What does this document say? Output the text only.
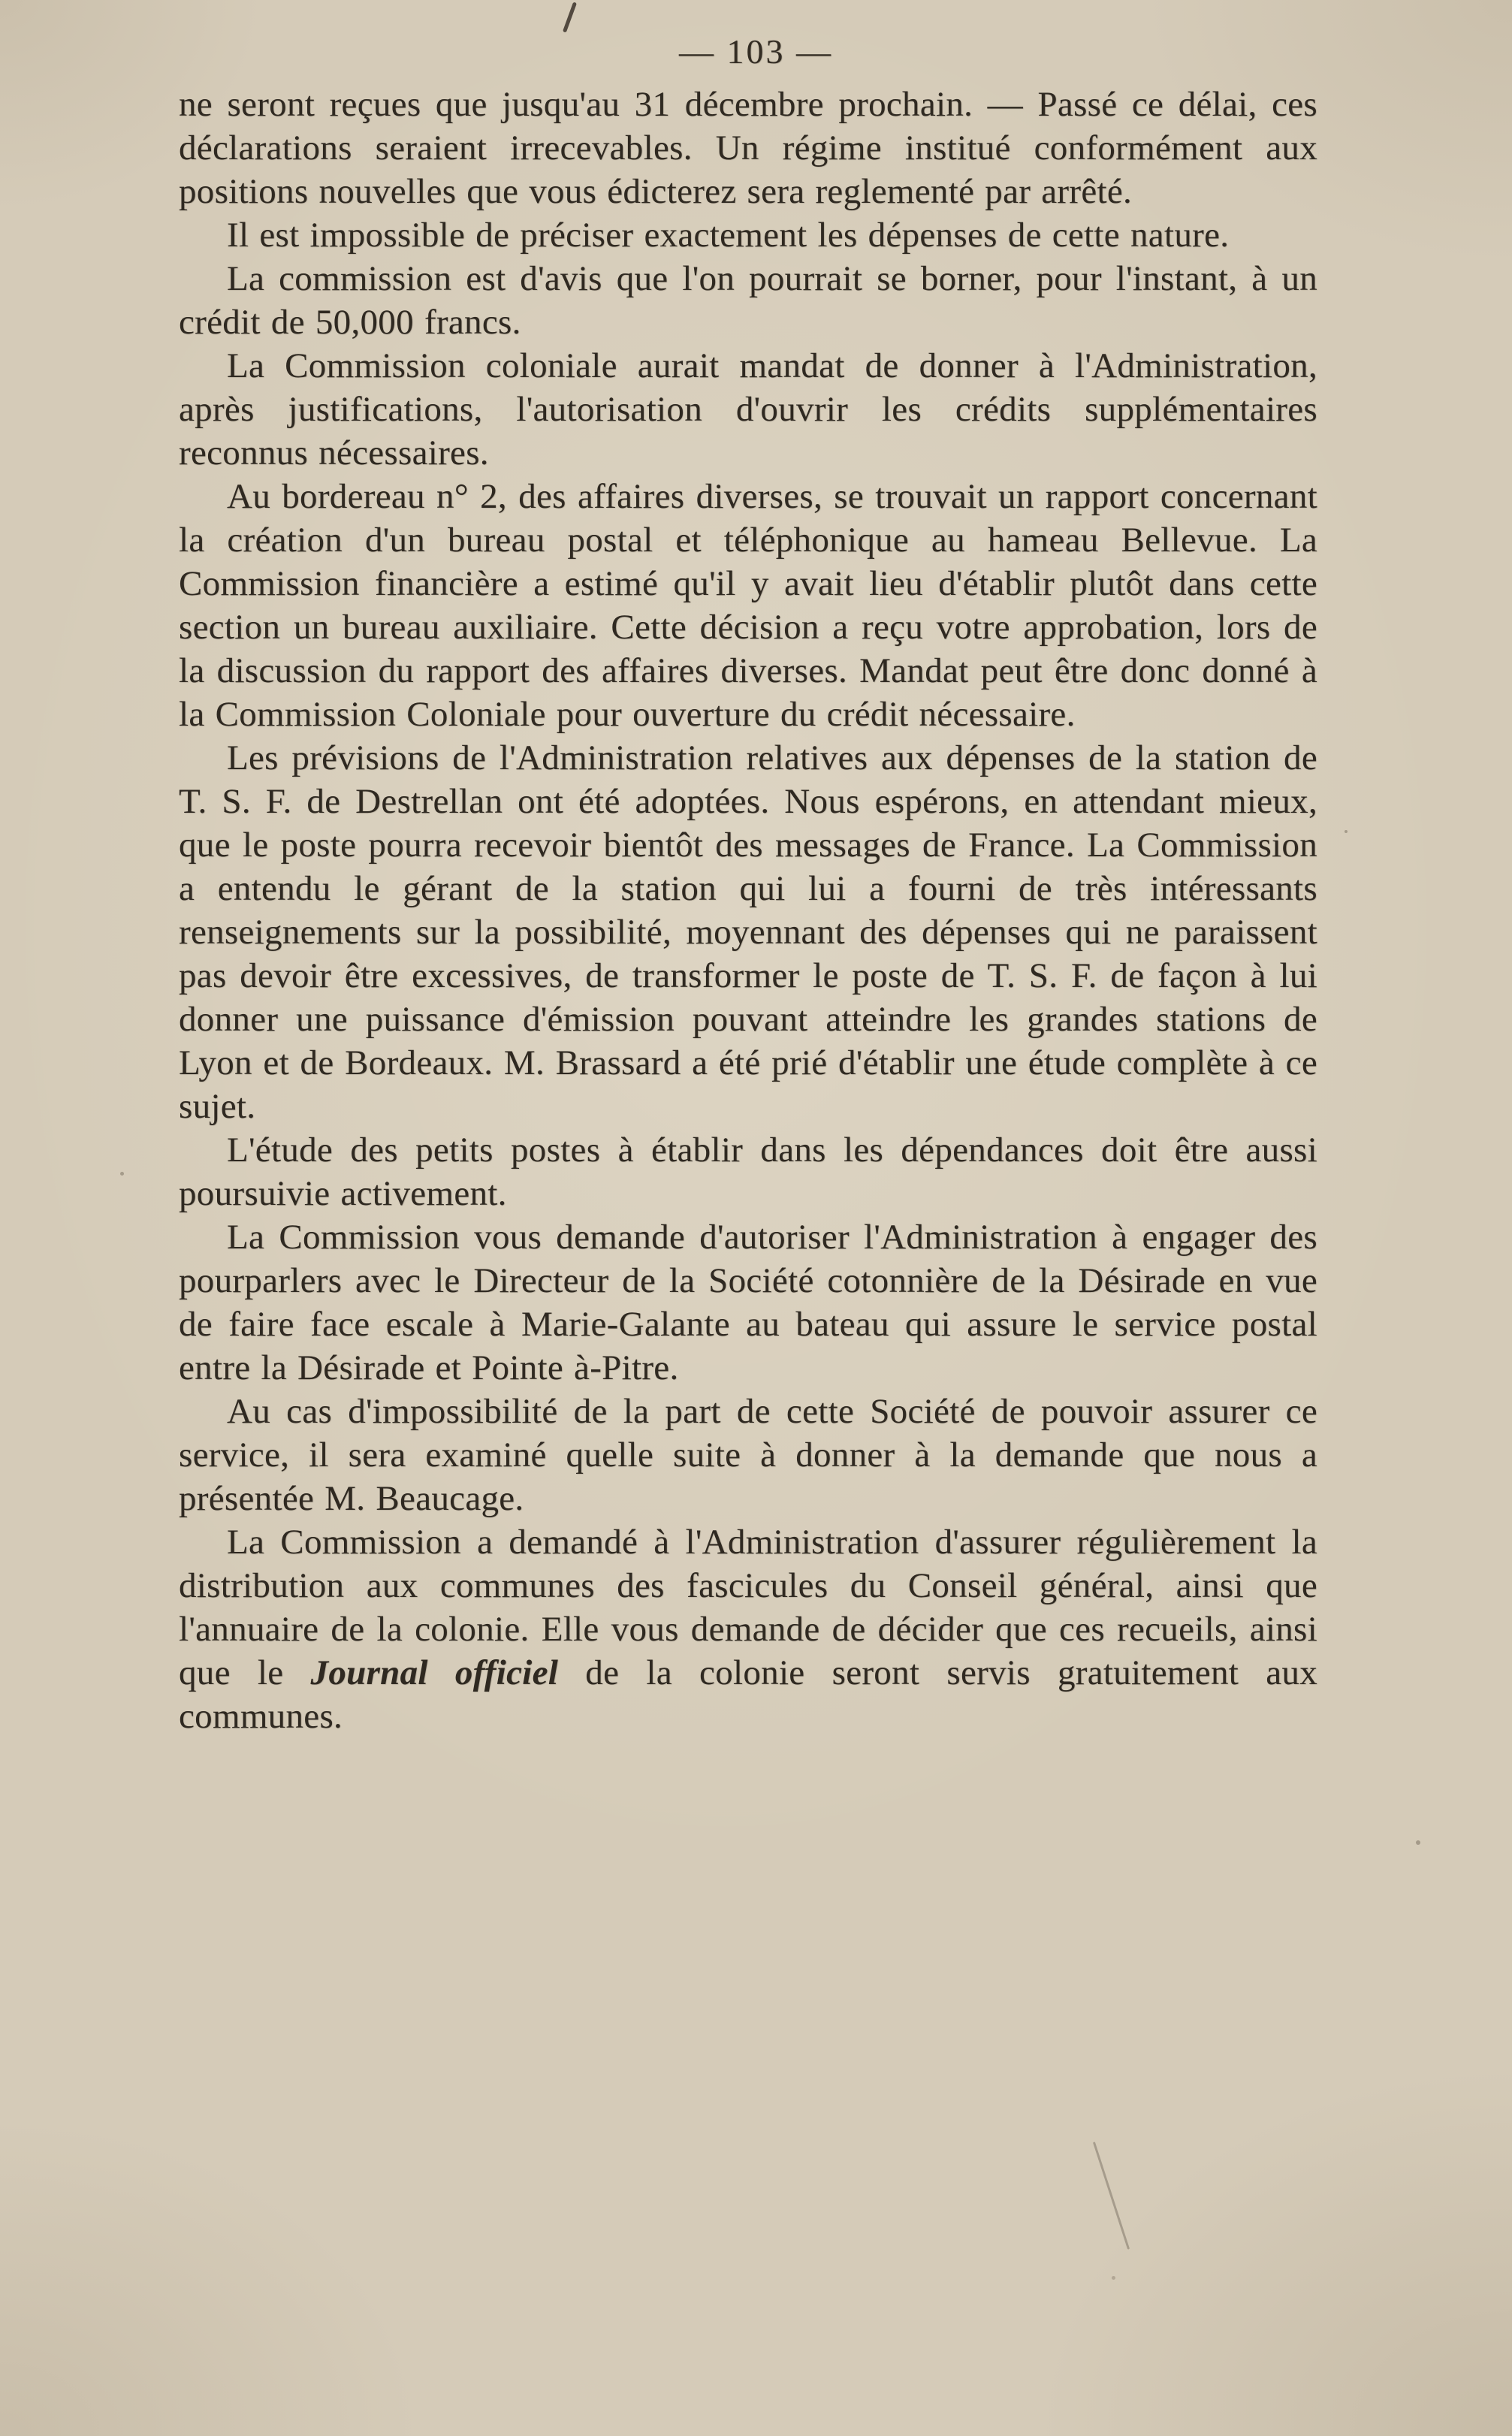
— 103 —

ne seront reçues que jusqu'au 31 décembre prochain. — Passé ce délai, ces déclarations seraient irrecevables. Un régime institué conformément aux positions nouvelles que vous édicterez sera reglementé par arrêté.

Il est impossible de préciser exactement les dépenses de cette nature.

La commission est d'avis que l'on pourrait se borner, pour l'instant, à un crédit de 50,000 francs.

La Commission coloniale aurait mandat de donner à l'Administration, après justifications, l'autorisation d'ouvrir les crédits supplémentaires reconnus nécessaires.

Au bordereau n° 2, des affaires diverses, se trouvait un rapport concernant la création d'un bureau postal et téléphonique au hameau Bellevue. La Commission financière a estimé qu'il y avait lieu d'établir plutôt dans cette section un bureau auxiliaire. Cette décision a reçu votre approbation, lors de la discussion du rapport des affaires diverses. Mandat peut être donc donné à la Commission Coloniale pour ouverture du crédit nécessaire.

Les prévisions de l'Administration relatives aux dépenses de la station de T. S. F. de Destrellan ont été adoptées. Nous espérons, en attendant mieux, que le poste pourra recevoir bientôt des messages de France. La Commission a entendu le gérant de la station qui lui a fourni de très intéressants renseignements sur la possibilité, moyennant des dépenses qui ne paraissent pas devoir être excessives, de transformer le poste de T. S. F. de façon à lui donner une puissance d'émission pouvant atteindre les grandes stations de Lyon et de Bordeaux. M. Brassard a été prié d'établir une étude complète à ce sujet.

L'étude des petits postes à établir dans les dépendances doit être aussi poursuivie activement.

La Commission vous demande d'autoriser l'Administration à engager des pourparlers avec le Directeur de la Société cotonnière de la Désirade en vue de faire face escale à Marie-Galante au bateau qui assure le service postal entre la Désirade et Pointe à-Pitre.

Au cas d'impossibilité de la part de cette Société de pouvoir assurer ce service, il sera examiné quelle suite à donner à la demande que nous a présentée M. Beaucage.

La Commission a demandé à l'Administration d'assurer régulièrement la distribution aux communes des fascicules du Conseil général, ainsi que l'annuaire de la colonie. Elle vous demande de décider que ces recueils, ainsi que le Journal officiel de la colonie seront servis gratuitement aux communes.
